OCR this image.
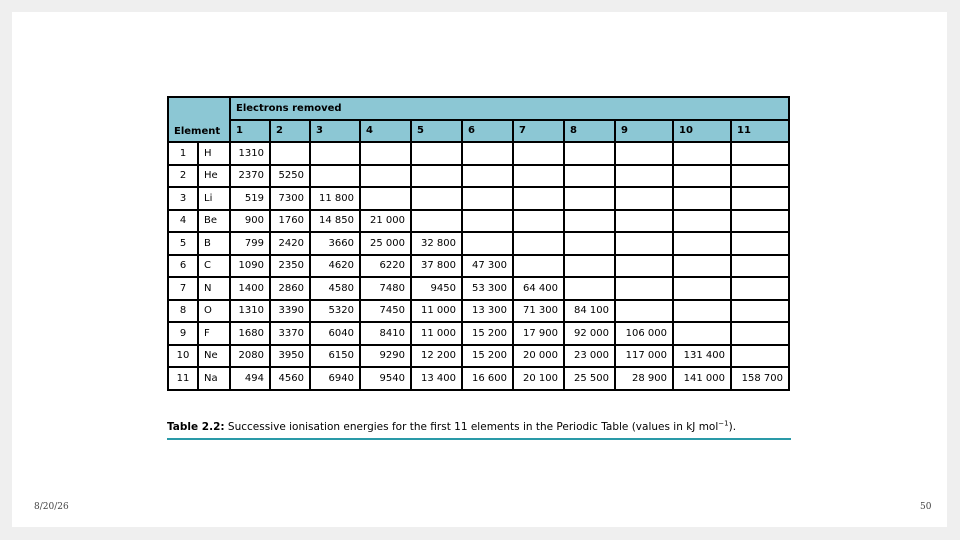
Element		Electrons removed										
		1	2	3	4	5	6	7	8	9	10	11
1	H	1310										
2	He	2370	5250									
3	Li	519	7300	11 800								
4	Be	900	1760	14 850	21 000							
5	B	799	2420	3660	25 000	32 800						
6	C	1090	2350	4620	6220	37 800	47 300					
7	N	1400	2860	4580	7480	9450	53 300	64 400				
8	O	1310	3390	5320	7450	11 000	13 300	71 300	84 100			
9	F	1680	3370	6040	8410	11 000	15 200	17 900	92 000	106 000		
10	Ne	2080	3950	6150	9290	12 200	15 200	20 000	23 000	117 000	131 400	
11	Na	494	4560	6940	9540	13 400	16 600	20 100	25 500	28 900	141 000	158 700
Table 2.2: Successive ionisation energies for the first 11 elements in the Periodic Table (values in kJ mol$^{-1}$).
8/20/26	50
